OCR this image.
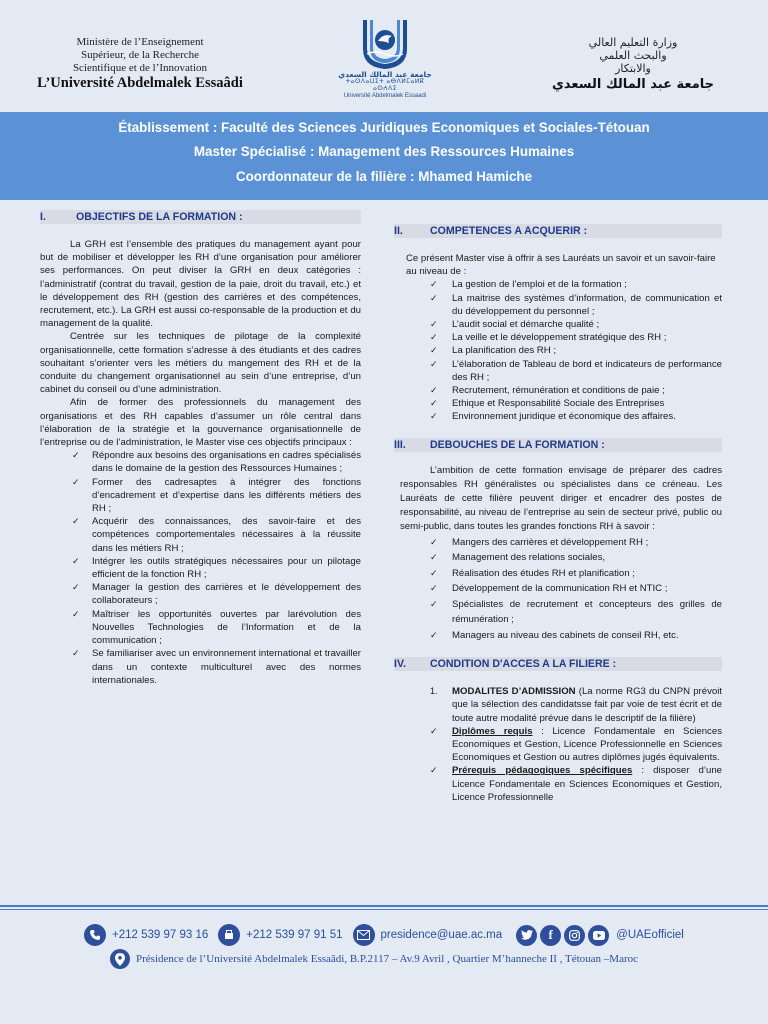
Ministère de l’Enseignement
Supérieur, de la Recherche
Scientifique et de l’Innovation
L’Université Abdelmalek Essaâdi
جامعة عبد المالك السعدي
ⵜⴰⵙⴷⴰⵡⵉⵜ ⴰⴱⴷⵍⵎⴰⵍⴽ ⴰⵙⵄⴷⵉ
Université Abdelmalek Essaadi
وزارة التعليم العالي
والبحث العلمي
والابتكار
جامعة عبد المالك السعدي
Établissement : Faculté des Sciences Juridiques Economiques et Sociales-Tétouan
Master Spécialisé : Management des Ressources Humaines
Coordonnateur de la filière : Mhamed Hamiche
I.	OBJECTIFS DE LA FORMATION :

La GRH est l’ensemble des pratiques du management ayant pour but de mobiliser et développer les RH d’une organisation pour améliorer ses performances. On peut diviser la GRH en deux catégories : l’administratif (contrat du travail, gestion de la paie, droit du travail, etc.) et le développement des RH (gestion des carrières et des compétences, recrutement, etc.). La GRH est aussi co-responsable de la production et du management de la qualité.

Centrée sur les techniques de pilotage de la complexité organisationnelle, cette formation s’adresse à des étudiants et des cadres souhaitant s’orienter vers les métiers du mangement des RH et de la conduite du changement organisationnel au sein d’une entreprise, d’un cabinet du conseil ou d’une administration.

Afin de former des professionnels du management des organisations et des RH capables d’assumer un rôle central dans l’élaboration de la stratégie et la gouvernance organisationnelle de l’entreprise ou de l’administration, le Master vise ces objectifs principaux :

✓ Répondre aux besoins des organisations en cadres spécialisés dans le domaine de la gestion des Ressources Humaines ;
✓ Former des cadresaptes à intégrer des fonctions d’encadrement et d’expertise dans les différents métiers des RH ;
✓ Acquérir des connaissances, des savoir-faire et des compétences comportementales nécessaires à la réussite dans les métiers RH ;
✓ Intégrer les outils stratégiques nécessaires pour un pilotage efficient de la fonction RH ;
✓ Manager la gestion des carrières et le développement des collaborateurs ;
✓ Maîtriser les opportunités ouvertes par larévolution des Nouvelles Technologies de l’Information et de la communication ;
✓ Se familiariser avec un environnement international et travailler dans un contexte multiculturel avec des normes internationales.
II.	COMPETENCES A ACQUERIR :

Ce présent Master vise à offrir à ses Lauréats un savoir et un savoir-faire au niveau de :

✓ La gestion de l’emploi et de la formation ;
✓ La maitrise des systèmes d’information, de communication et du développement du personnel ;
✓ L’audit social et démarche qualité ;
✓ La veille et le développement stratégique des RH ;
✓ La planification des RH ;
✓ L’élaboration de Tableau de bord et indicateurs de performance des RH ;
✓ Recrutement, rémunération et conditions de paie ;
✓ Ethique et Responsabilité Sociale des Entreprises
✓ Environnement juridique et économique des affaires.
III. DEBOUCHES DE LA FORMATION :

L’ambition de cette formation envisage de préparer des cadres responsables RH généralistes ou spécialistes dans ce créneau. Les Lauréats de cette filière peuvent diriger et encadrer des postes de responsabilité, au niveau de l’entreprise au sein de secteur privé, public ou semi-public, dans toutes les grandes fonctions RH à savoir :

✓ Mangers des carrières et développement RH ;
✓ Management des relations sociales,
✓ Réalisation des études RH et planification ;
✓ Développement de la communication RH et NTIC ;
✓ Spécialistes de recrutement et concepteurs des grilles de rémunération ;
✓ Managers au niveau des cabinets de conseil RH, etc.
IV. CONDITION D'ACCES A LA FILIERE :
1. MODALITES D’ADMISSION (La norme RG3 du CNPN prévoit que la sélection des candidatsse fait par voie de test écrit et de toute autre modalité prévue dans le descriptif de la filière)
✓ Diplômes requis : Licence Fondamentale en Sciences Economiques et Gestion, Licence Professionnelle en Sciences Economiques et Gestion ou autres diplômes jugés équivalents.
✓ Prérequis pédagogiques spécifiques : disposer d’une Licence Fondamentale en Sciences Economiques et Gestion, Licence Professionnelle
+212 539 97 93 16	+212 539 97 91 51	presidence@uae.ac.ma	f	@UAEofficiel
Présidence de l’Université Abdelmalek Essaâdi, B.P.2117 – Av.9 Avril , Quartier M’hanneche II , Tétouan –Maroc
